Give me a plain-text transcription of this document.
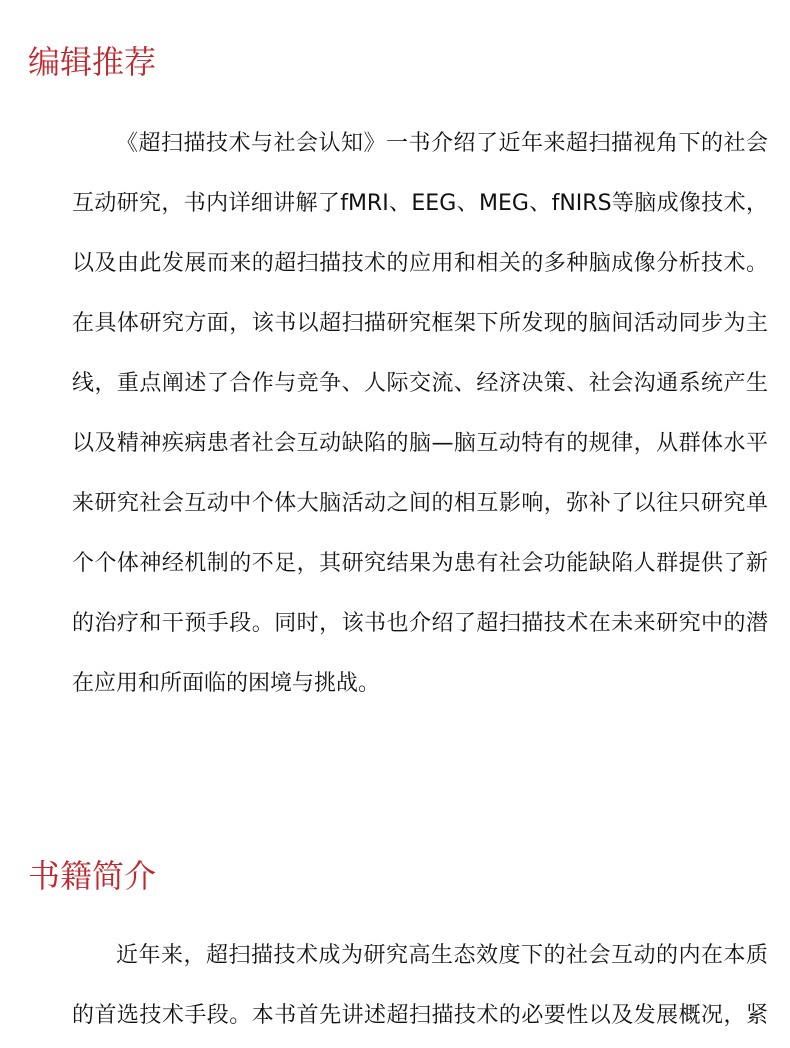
编辑推荐
《超扫描技术与社会认知》一书介绍了近年来超扫描视角下的社会
互动研究，书内详细讲解了fMRI、EEG、MEG、fNIRS等脑成像技术，
以及由此发展而来的超扫描技术的应用和相关的多种脑成像分析技术。
在具体研究方面，该书以超扫描研究框架下所发现的脑间活动同步为主
线，重点阐述了合作与竞争、人际交流、经济决策、社会沟通系统产生
以及精神疾病患者社会互动缺陷的脑—脑互动特有的规律，从群体水平
来研究社会互动中个体大脑活动之间的相互影响，弥补了以往只研究单
个个体神经机制的不足，其研究结果为患有社会功能缺陷人群提供了新
的治疗和干预手段。同时，该书也介绍了超扫描技术在未来研究中的潜
在应用和所面临的困境与挑战。
书籍简介
近年来，超扫描技术成为研究高生态效度下的社会互动的内在本质
的首选技术手段。本书首先讲述超扫描技术的必要性以及发展概况，紧
